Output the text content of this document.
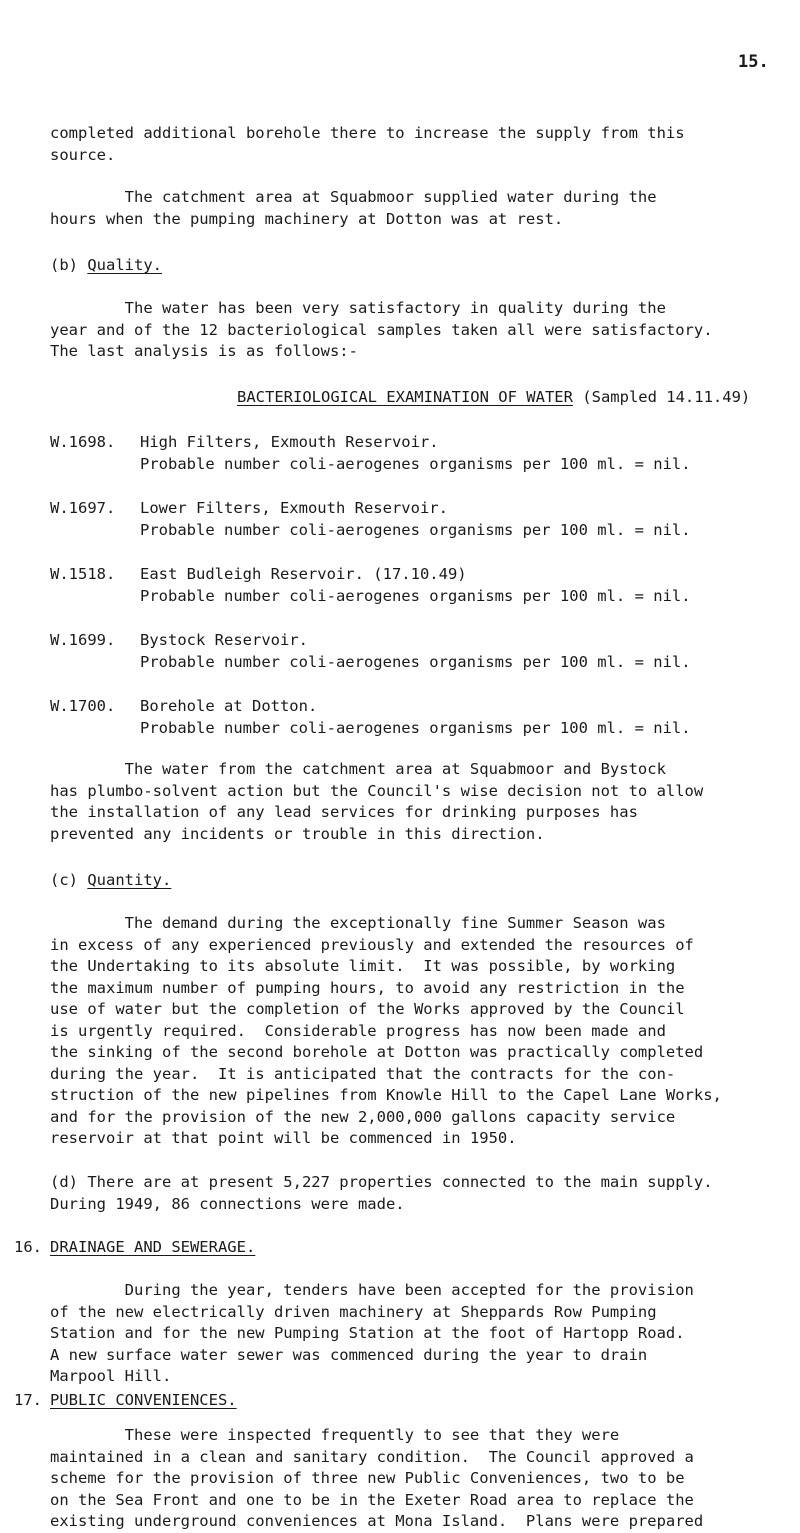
15.
completed additional borehole there to increase the supply from this
source.
The catchment area at Squabmoor supplied water during the
hours when the pumping machinery at Dotton was at rest.
(b) Quality.
The water has been very satisfactory in quality during the
year and of the 12 bacteriological samples taken all were satisfactory.
The last analysis is as follows:-
BACTERIOLOGICAL EXAMINATION OF WATER (Sampled 14.11.49)
W.1698. High Filters, Exmouth Reservoir.
Probable number coli-aerogenes organisms per 100 ml. = nil.
W.1697. Lower Filters, Exmouth Reservoir.
Probable number coli-aerogenes organisms per 100 ml. = nil.
W.1518. East Budleigh Reservoir. (17.10.49)
Probable number coli-aerogenes organisms per 100 ml. = nil.
W.1699. Bystock Reservoir.
Probable number coli-aerogenes organisms per 100 ml. = nil.
W.1700. Borehole at Dotton.
Probable number coli-aerogenes organisms per 100 ml. = nil.
The water from the catchment area at Squabmoor and Bystock
has plumbo-solvent action but the Council's wise decision not to allow
the installation of any lead services for drinking purposes has
prevented any incidents or trouble in this direction.
(c) Quantity.
The demand during the exceptionally fine Summer Season was
in excess of any experienced previously and extended the resources of
the Undertaking to its absolute limit.  It was possible, by working
the maximum number of pumping hours, to avoid any restriction in the
use of water but the completion of the Works approved by the Council
is urgently required.  Considerable progress has now been made and
the sinking of the second borehole at Dotton was practically completed
during the year.  It is anticipated that the contracts for the con-
struction of the new pipelines from Knowle Hill to the Capel Lane Works,
and for the provision of the new 2,000,000 gallons capacity service
reservoir at that point will be commenced in 1950.
(d) There are at present 5,227 properties connected to the main supply.
During 1949, 86 connections were made.
16. DRAINAGE AND SEWERAGE.
During the year, tenders have been accepted for the provision
of the new electrically driven machinery at Sheppards Row Pumping
Station and for the new Pumping Station at the foot of Hartopp Road.
A new surface water sewer was commenced during the year to drain
Marpool Hill.
17. PUBLIC CONVENIENCES.
These were inspected frequently to see that they were
maintained in a clean and sanitary condition.  The Council approved a
scheme for the provision of three new Public Conveniences, two to be
on the Sea Front and one to be in the Exeter Road area to replace the
existing underground conveniences at Mona Island.  Plans were prepared
